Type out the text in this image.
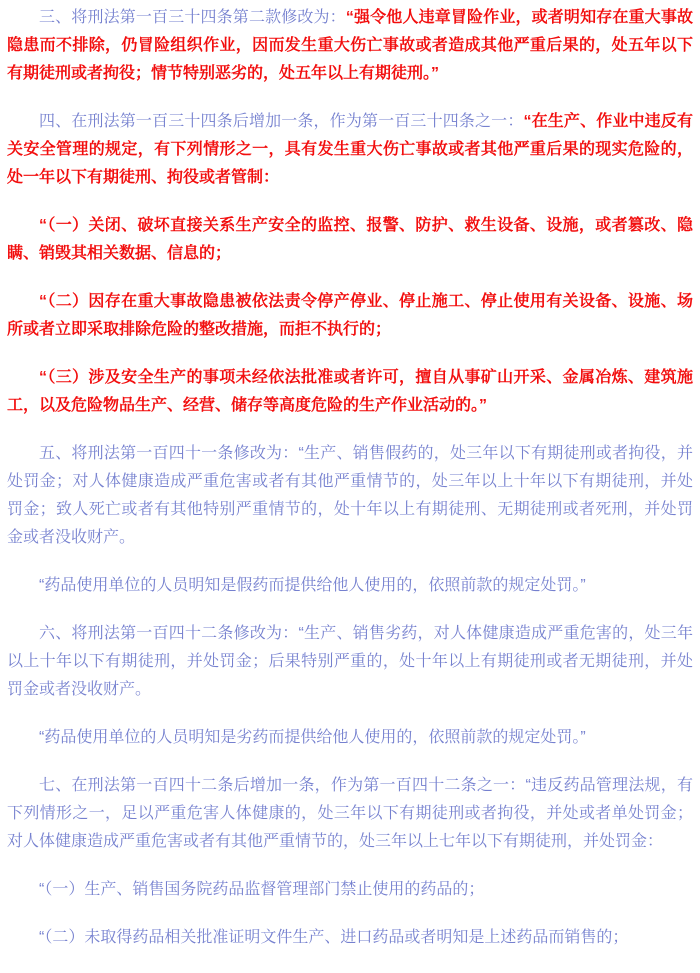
三、将刑法第一百三十四条第二款修改为：“强令他人违章冒险作业，或者明知存在重大事故隐患而不排除，仍冒险组织作业，因而发生重大伤亡事故或者造成其他严重后果的，处五年以下有期徒刑或者拘役；情节特别恶劣的，处五年以上有期徒刑。”

四、在刑法第一百三十四条后增加一条，作为第一百三十四条之一：“在生产、作业中违反有关安全管理的规定，有下列情形之一，具有发生重大伤亡事故或者其他严重后果的现实危险的，处一年以下有期徒刑、拘役或者管制：

“（一）关闭、破坏直接关系生产安全的监控、报警、防护、救生设备、设施，或者篡改、隐瞒、销毁其相关数据、信息的；

“（二）因存在重大事故隐患被依法责令停产停业、停止施工、停止使用有关设备、设施、场所或者立即采取排除危险的整改措施，而拒不执行的；

“（三）涉及安全生产的事项未经依法批准或者许可，擅自从事矿山开采、金属冶炼、建筑施工，以及危险物品生产、经营、储存等高度危险的生产作业活动的。”

五、将刑法第一百四十一条修改为：“生产、销售假药的，处三年以下有期徒刑或者拘役，并处罚金；对人体健康造成严重危害或者有其他严重情节的，处三年以上十年以下有期徒刑，并处罚金；致人死亡或者有其他特别严重情节的，处十年以上有期徒刑、无期徒刑或者死刑，并处罚金或者没收财产。

“药品使用单位的人员明知是假药而提供给他人使用的，依照前款的规定处罚。”

六、将刑法第一百四十二条修改为：“生产、销售劣药，对人体健康造成严重危害的，处三年以上十年以下有期徒刑，并处罚金；后果特别严重的，处十年以上有期徒刑或者无期徒刑，并处罚金或者没收财产。

“药品使用单位的人员明知是劣药而提供给他人使用的，依照前款的规定处罚。”

七、在刑法第一百四十二条后增加一条，作为第一百四十二条之一：“违反药品管理法规，有下列情形之一，足以严重危害人体健康的，处三年以下有期徒刑或者拘役，并处或者单处罚金；对人体健康造成严重危害或者有其他严重情节的，处三年以上七年以下有期徒刑，并处罚金：

“（一）生产、销售国务院药品监督管理部门禁止使用的药品的；

“（二）未取得药品相关批准证明文件生产、进口药品或者明知是上述药品而销售的；
